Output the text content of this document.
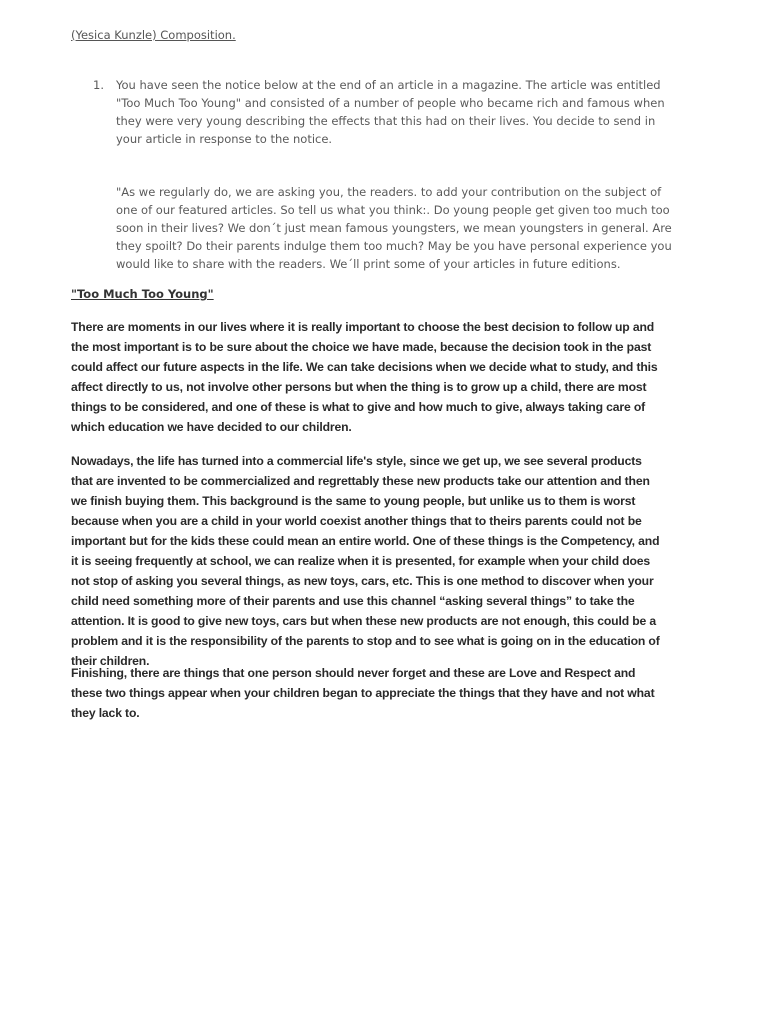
(Yesica Kunzle) Composition.
1. You have seen the notice below at the end of an article in a magazine. The article was entitled "Too Much Too Young" and consisted of a number of people who became rich and famous when they were very young describing the effects that this had on their lives. You decide to send in your article in response to the notice.
"As we regularly do, we are asking you, the readers. to add your contribution on the subject of one of our featured articles. So tell us what you think:. Do young people get given too much too soon in their lives? We don´t just mean famous youngsters, we mean youngsters in general. Are they spoilt? Do their parents indulge them too much? May be you have personal experience you would like to share with the readers. We´ll print some of your articles in future editions.
"Too Much Too Young"
There are moments in our lives where it is really important to choose the best decision to follow up and the most important is to be sure about the choice we have made, because the decision took in the past could affect our future aspects in the life. We can take decisions when we decide what to study, and this affect directly to us, not involve other persons but when the thing is to grow up a child, there are most things to be considered, and one of these is what to give and how much to give, always taking care of which education we have decided to our children.
Nowadays, the life has turned into a commercial life's style, since we get up, we see several products that are invented to be commercialized and regrettably these new products take our attention and then we finish buying them. This background is the same to young people, but unlike us to them is worst because when you are a child in your world coexist another things that to theirs parents could not be important but for the kids these could mean an entire world. One of these things is the Competency, and it is seeing frequently at school, we can realize when it is presented, for example when your child does not stop of asking you several things, as new toys, cars, etc. This is one method to discover when your child need something more of their parents and use this channel “asking several things” to take the attention. It is good to give new toys, cars but when these new products are not enough, this could be a problem and it is the responsibility of the parents to stop and to see what is going on in the education of their children.
Finishing, there are things that one person should never forget and these are Love and Respect and these two things appear when your children began to appreciate the things that they have and not what they lack to.
